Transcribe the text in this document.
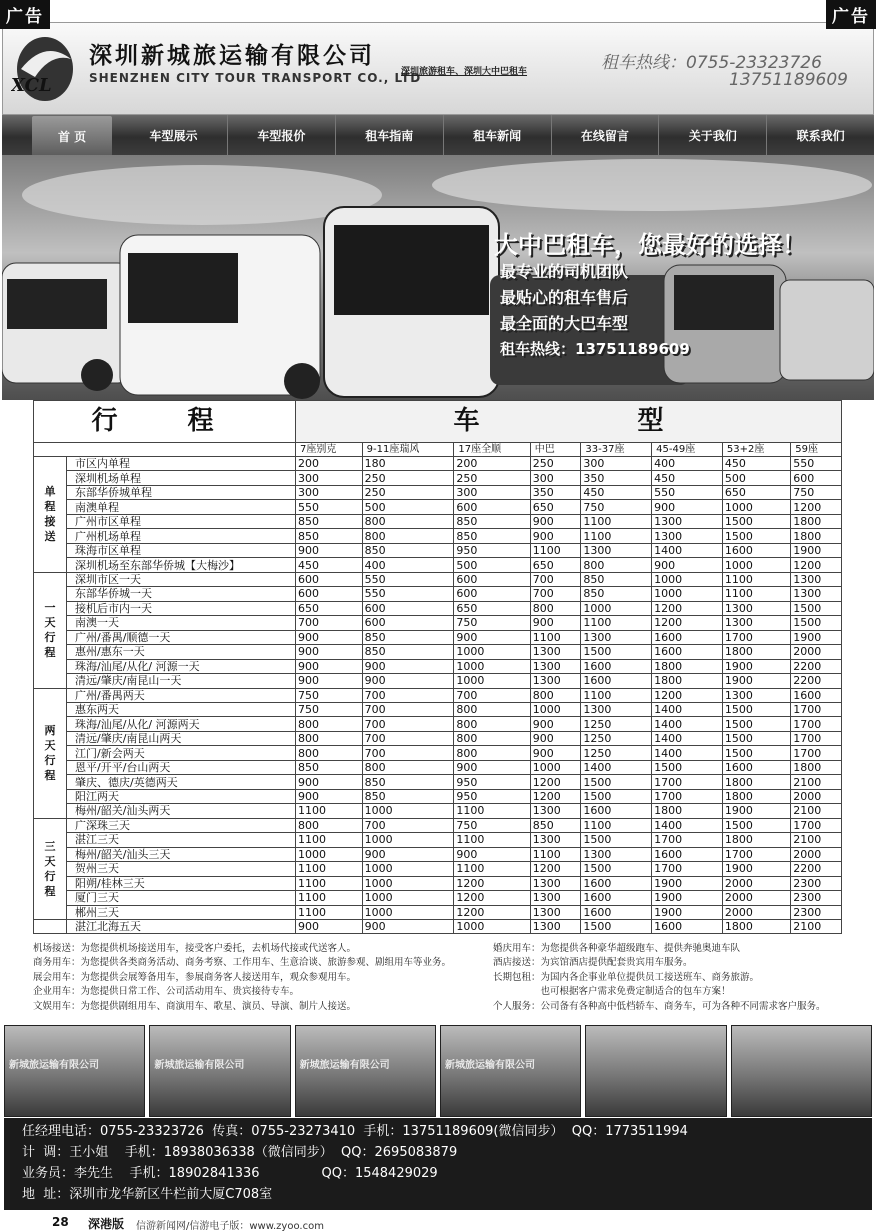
广告	广告
XCL
深圳新城旅运输有限公司
SHENZHEN CITY TOUR TRANSPORT CO., LTD
深圳旅游租车、深圳大中巴租车	租车热线：0755-23323726
13751189609
首 页	车型展示	车型报价	租车指南	租车新闻	在线留言	关于我们	联系我们
大中巴租车，您最好的选择！
最专业的司机团队
最贴心的租车售后
最全面的大巴车型
租车热线：13751189609
行　程		车　　　型							
		7座别克	9-11座瑞风	17座全顺	中巴	33-37座	45-49座	53+2座	59座
单程接送	市区内单程	200	180	200	250	300	400	450	550
	深圳机场单程	300	250	250	300	350	450	500	600
	东部华侨城单程	300	250	300	350	450	550	650	750
	南澳单程	550	500	600	650	750	900	1000	1200
	广州市区单程	850	800	850	900	1100	1300	1500	1800
	广州机场单程	850	800	850	900	1100	1300	1500	1800
	珠海市区单程	900	850	950	1100	1300	1400	1600	1900
	深圳机场至东部华侨城【大梅沙】	450	400	500	650	800	900	1000	1200
一天行程	深圳市区一天	600	550	600	700	850	1000	1100	1300
	东部华侨城一天	600	550	600	700	850	1000	1100	1300
	接机后市内一天	650	600	650	800	1000	1200	1300	1500
	南澳一天	700	600	750	900	1100	1200	1300	1500
	广州/番禺/顺德一天	900	850	900	1100	1300	1600	1700	1900
	惠州/惠东一天	900	850	1000	1300	1500	1600	1800	2000
	珠海/汕尾/从化/ 河源一天	900	900	1000	1300	1600	1800	1900	2200
	清远/肇庆/南昆山一天	900	900	1000	1300	1600	1800	1900	2200
两天行程	广州/番禺两天	750	700	700	800	1100	1200	1300	1600
	惠东两天	750	700	800	1000	1300	1400	1500	1700
	珠海/汕尾/从化/ 河源两天	800	700	800	900	1250	1400	1500	1700
	清远/肇庆/南昆山两天	800	700	800	900	1250	1400	1500	1700
	江门/新会两天	800	700	800	900	1250	1400	1500	1700
	恩平/开平/台山两天	850	800	900	1000	1400	1500	1600	1800
	肇庆、德庆/英德两天	900	850	950	1200	1500	1700	1800	2100
	阳江两天	900	850	950	1200	1500	1700	1800	2000
	梅州/韶关/汕头两天	1100	1000	1100	1300	1600	1800	1900	2100
三天行程	广深珠三天	800	700	750	850	1100	1400	1500	1700
	湛江三天	1100	1000	1100	1300	1500	1700	1800	2100
	梅州/韶关/汕头三天	1000	900	900	1100	1300	1600	1700	2000
	贺州三天	1100	1000	1100	1200	1500	1700	1900	2200
	阳朔/桂林三天	1100	1000	1200	1300	1600	1900	2000	2300
	厦门三天	1100	1000	1200	1300	1600	1900	2000	2300
	郴州三天	1100	1000	1200	1300	1600	1900	2000	2300
	湛江北海五天	900	900	1000	1300	1500	1600	1800	2100
机场接送：为您提供机场接送用车，接受客户委托，去机场代接或代送客人。
商务用车：为您提供各类商务活动、商务考察、工作用车、生意洽谈、旅游参观、剧组用车等业务。
展会用车：为您提供会展筹备用车，参展商务客人接送用车，观众参观用车。
企业用车：为您提供日常工作、公司活动用车、贵宾接待专车。
文娱用车：为您提供剧组用车、商演用车、歌星、演员、导演、制片人接送。
婚庆用车：为您提供各种豪华超级跑车、提供奔驰奥迪车队
酒店接送：为宾馆酒店提供配套贵宾用车服务。
长期包租：为国内各企事业单位提供员工接送班车、商务旅游。
　　　　　也可根据客户需求免费定制适合的包车方案！
个人服务：公司备有各种高中低档轿车、商务车，可为各种不同需求客户服务。
新城旅运输有限公司	新城旅运输有限公司	新城旅运输有限公司	新城旅运输有限公司
任经理电话：0755-23323726  传真：0755-23273410  手机：13751189609(微信同步）  QQ：1773511994
计  调：王小姐    手机：18938036338（微信同步）  QQ：2695083879
业务员：李先生    手机：18902841336               QQ：1548429029
地  址：深圳市龙华新区牛栏前大厦C708室
28 深港版 信游新闻网/信游电子版：www.zyoo.com
